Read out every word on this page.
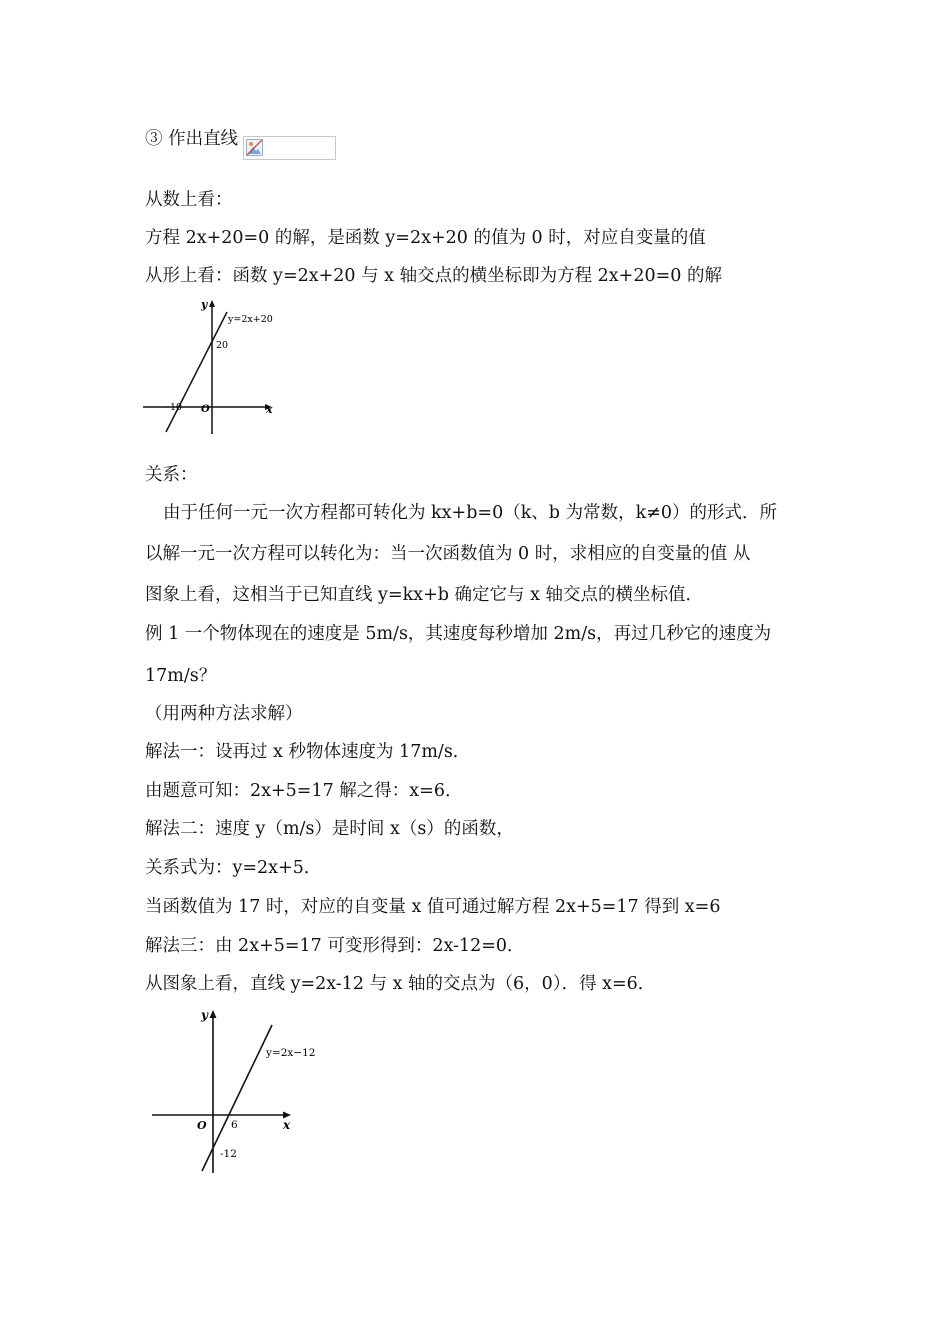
③ 作出直线
从数上看：
方程 2x+20=0 的解，是函数 y=2x+20 的值为 0 时，对应自变量的值
从形上看：函数 y=2x+20 与 x 轴交点的横坐标即为方程 2x+20=0 的解
y
x
O
y=2x+20
20
−10
关系：
由于任何一元一次方程都可转化为 kx+b=0（k、b 为常数，k≠0）的形式．所
以解一元一次方程可以转化为：当一次函数值为 0 时，求相应的自变量的值 从
图象上看，这相当于已知直线 y=kx+b 确定它与 x 轴交点的横坐标值．
例 1 一个物体现在的速度是 5m/s，其速度每秒增加 2m/s，再过几秒它的速度为
17m/s？
（用两种方法求解）
解法一：设再过 x 秒物体速度为 17m/s．
由题意可知：2x+5=17 解之得：x=6．
解法二：速度 y（m/s）是时间 x（s）的函数，
关系式为：y=2x+5．
当函数值为 17 时，对应的自变量 x 值可通过解方程 2x+5=17 得到 x=6
解法三：由 2x+5=17 可变形得到：2x-12=0．
从图象上看，直线 y=2x-12 与 x 轴的交点为（6，0）．得 x=6．
y
x
O
y=2x−12
6
-12
